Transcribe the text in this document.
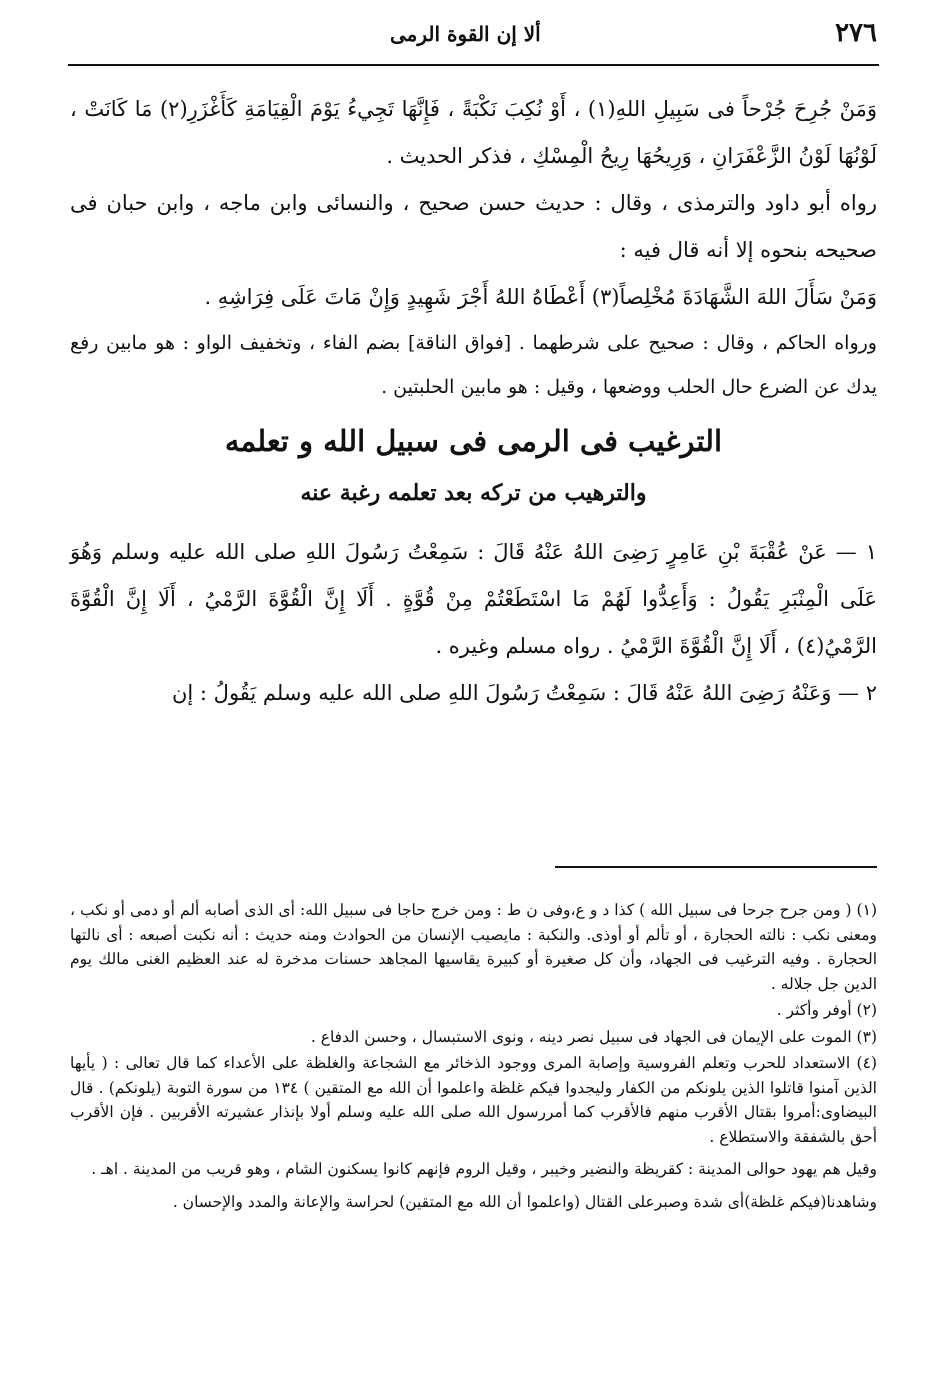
٢٧٦
ألا إن القوة الرمى

وَمَنْ جُرِحَ جُرْحاً فى سَبِيلِ اللهِ(١) ، أَوْ نُكِبَ نَكْبَةً ، فَإِنَّهَا تَجِيءُ يَوْمَ الْقِيَامَةِ كَأَغْزَرِ(٢) مَا كَانَتْ ، لَوْنُهَا لَوْنُ الزَّعْفَرَانِ ، وَرِيحُهَا رِيحُ الْمِسْكِ ، فذكر الحديث .

رواه أبو داود والترمذى ، وقال : حديث حسن صحيح ، والنسائى وابن ماجه ، وابن حبان فى صحيحه بنحوه إلا أنه قال فيه :

وَمَنْ سَأَلَ اللهَ الشَّهَادَةَ مُخْلِصاً(٣) أَعْطَاهُ اللهُ أَجْرَ شَهِيدٍ وَإِنْ مَاتَ عَلَى فِرَاشِهِ .

ورواه الحاكم ، وقال : صحيح على شرطهما . [فواق الناقة] بضم الفاء ، وتخفيف الواو : هو مابين رفع يدك عن الضرع حال الحلب ووضعها ، وقيل : هو مابين الحلبتين .

الترغيب فى الرمى فى سبيل الله و تعلمه
والترهيب من تركه بعد تعلمه رغبة عنه

١ — عَنْ عُقْبَةَ بْنِ عَامِرٍ رَضِىَ اللهُ عَنْهُ قَالَ : سَمِعْتُ رَسُولَ اللهِ صلى الله عليه وسلم وَهُوَ عَلَى الْمِنْبَرِ يَقُولُ : وَأَعِدُّوا لَهُمْ مَا اسْتَطَعْتُمْ مِنْ قُوَّةٍ . أَلَا إِنَّ الْقُوَّةَ الرَّمْيُ ، أَلَا إِنَّ الْقُوَّةَ الرَّمْيُ(٤) ، أَلَا إِنَّ الْقُوَّةَ الرَّمْيُ . رواه مسلم وغيره .

٢ — وَعَنْهُ رَضِىَ اللهُ عَنْهُ قَالَ : سَمِعْتُ رَسُولَ اللهِ صلى الله عليه وسلم يَقُولُ : إن

(١) ( ومن جرح جرحا فى سبيل الله ) كذا د و ع،وفى ن ط : ومن خرج حاجا فى سبيل الله: أى الذى أصابه ألم أو دمى أو نكب ، ومعنى نكب : نالته الحجارة ، أو تألم أو أوذى. والنكبة : مايصيب الإنسان من الحوادث ومنه حديث : أنه نكبت أصبعه : أى نالتها الحجارة . وفيه الترغيب فى الجهاد، وأن كل صغيرة أو كبيرة يقاسيها المجاهد حسنات مدخرة له عند العظيم الغنى مالك يوم الدين جل جلاله .

(٢) أوفر وأكثر .

(٣) الموت على الإيمان فى الجهاد فى سبيل نصر دينه ، ونوى الاستبسال ، وحسن الدفاع .

(٤) الاستعداد للحرب وتعلم الفروسية وإصابة المرى ووجود الذخائر مع الشجاعة والغلظة على الأعداء كما قال تعالى : ( يأيها الذين آمنوا قاتلوا الذين يلونكم من الكفار وليجدوا فيكم غلظة واعلموا أن الله مع المتقين ) ١٣٤ من سورة التوبة (يلونكم) . قال البيضاوى:أمروا بقتال الأقرب منهم فالأقرب كما أمررسول الله صلى الله عليه وسلم أولا بإنذار عشيرته الأقربين . فإن الأقرب أحق بالشفقة والاستطلاع .

وقيل هم يهود حوالى المدينة : كقريظة والنضير وخيبر ، وقيل الروم فإنهم كانوا يسكنون الشام ، وهو قريب من المدينة . اهـ .

وشاهدنا(فيكم غلظة)أى شدة وصبرعلى القتال (واعلموا أن الله مع المتقين) لحراسة والإعانة والمدد والإحسان .
